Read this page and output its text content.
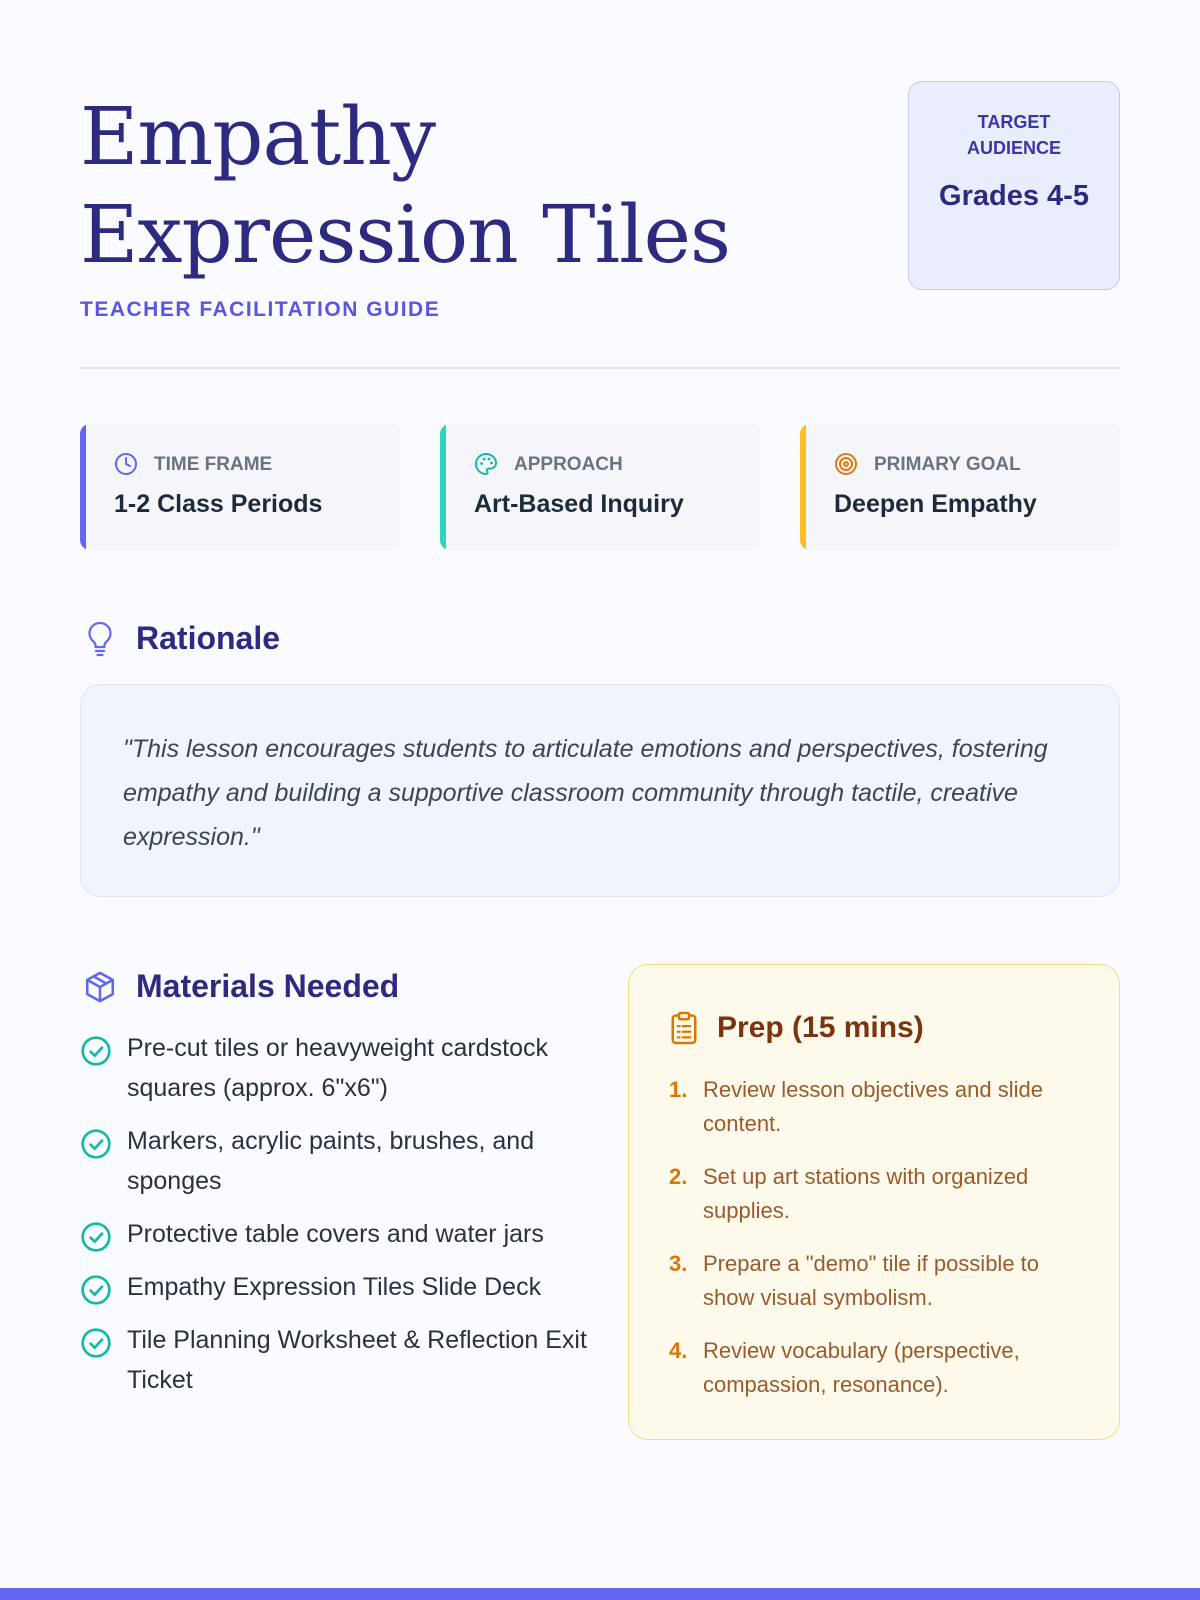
Empathy Expression Tiles
TEACHER FACILITATION GUIDE
TARGET AUDIENCE
Grades 4-5
TIME FRAME
1-2 Class Periods
APPROACH
Art-Based Inquiry
PRIMARY GOAL
Deepen Empathy
Rationale

"This lesson encourages students to articulate emotions and perspectives, fostering empathy and building a supportive classroom community through tactile, creative expression."

Materials Needed
Pre-cut tiles or heavyweight cardstock squares (approx. 6"x6")
Markers, acrylic paints, brushes, and sponges
Protective table covers and water jars
Empathy Expression Tiles Slide Deck
Tile Planning Worksheet & Reflection Exit Ticket
Prep (15 mins)
1. Review lesson objectives and slide content.
2. Set up art stations with organized supplies.
3. Prepare a "demo" tile if possible to show visual symbolism.
4. Review vocabulary (perspective, compassion, resonance).
